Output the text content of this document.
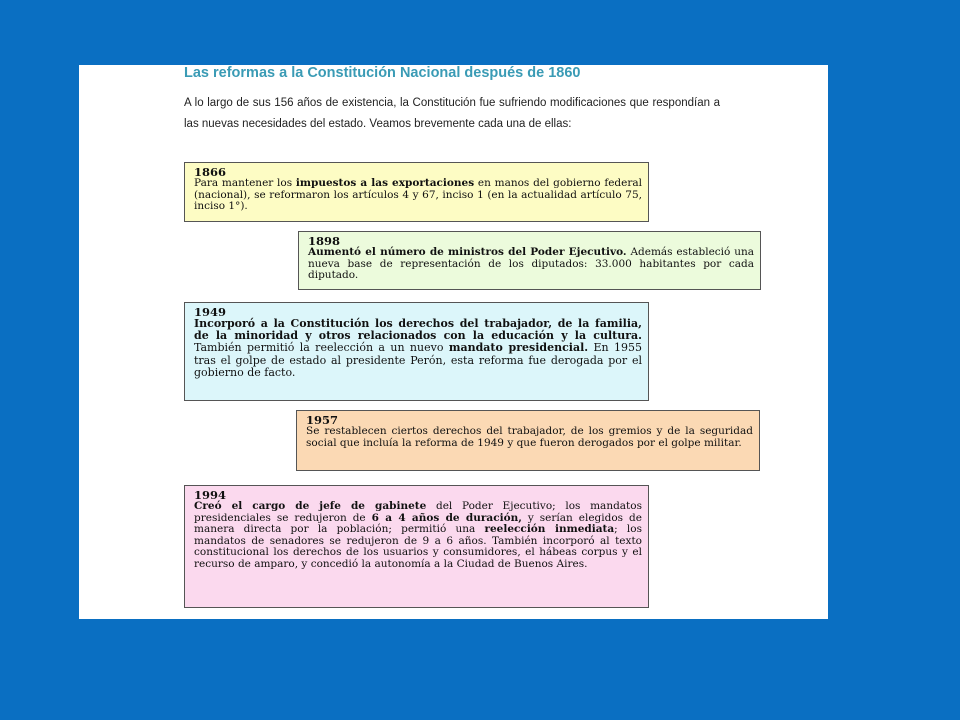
Las reformas a la Constitución Nacional después de 1860
A lo largo de sus 156 años de existencia, la Constitución fue sufriendo modificaciones que respondían a las nuevas necesidades del estado. Veamos brevemente cada una de ellas:
1866
Para mantener los impuestos a las exportaciones en manos del gobierno federal (nacional), se reformaron los artículos 4 y 67, inciso 1 (en la actualidad artículo 75, inciso 1°).
1898
Aumentó el número de ministros del Poder Ejecutivo. Además estableció una nueva base de representación de los diputados: 33.000 habitantes por cada diputado.
1949
Incorporó a la Constitución los derechos del trabajador, de la familia, de la minoridad y otros relacionados con la educación y la cultura. También permitió la reelección a un nuevo mandato presidencial. En 1955 tras el golpe de estado al presidente Perón, esta reforma fue derogada por el gobierno de facto.
1957
Se restablecen ciertos derechos del trabajador, de los gremios y de la seguridad social que incluía la reforma de 1949 y que fueron derogados por el golpe militar.
1994
Creó el cargo de jefe de gabinete del Poder Ejecutivo; los mandatos presidenciales se redujeron de 6 a 4 años de duración, y serían elegidos de manera directa por la población; permitió una reelección inmediata; los mandatos de senadores se redujeron de 9 a 6 años. También incorporó al texto constitucional los derechos de los usuarios y consumidores, el hábeas corpus y el recurso de amparo, y concedió la autonomía a la Ciudad de Buenos Aires.
